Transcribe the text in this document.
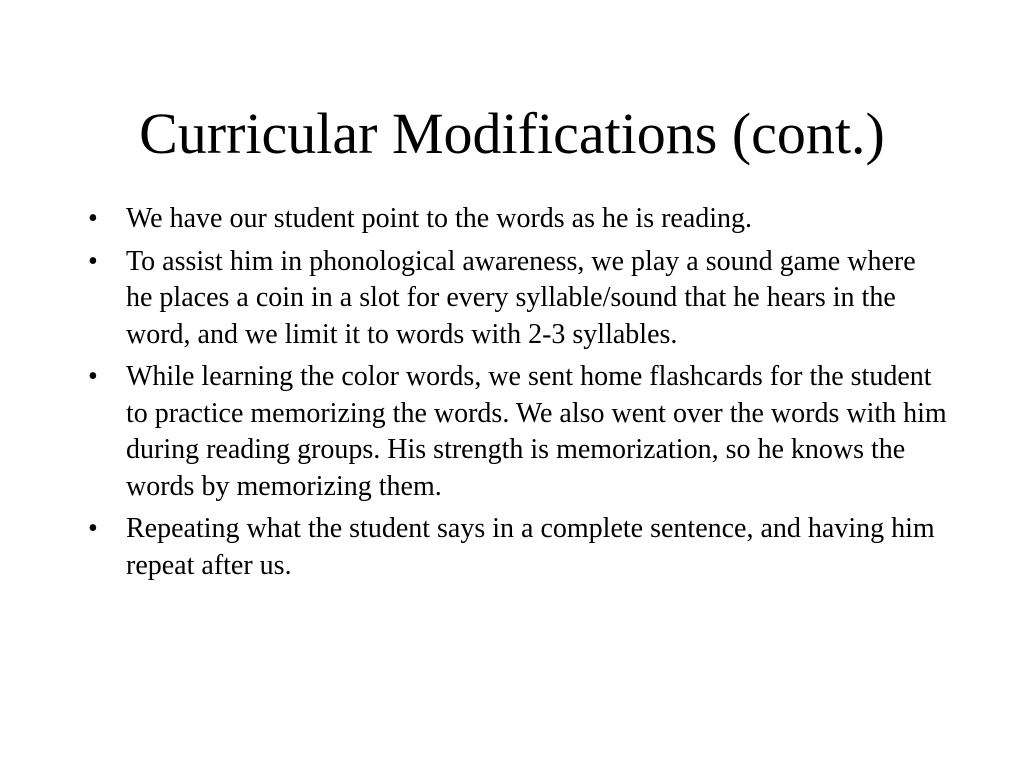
Curricular Modifications (cont.)
• We have our student point to the words as he is reading.
• To assist him in phonological awareness, we play a sound game where he places a coin in a slot for every syllable/sound that he hears in the word, and we limit it to words with 2-3 syllables.
• While learning the color words, we sent home flashcards for the student to practice memorizing the words. We also went over the words with him during reading groups. His strength is memorization, so he knows the words by memorizing them.
• Repeating what the student says in a complete sentence, and having him repeat after us.
